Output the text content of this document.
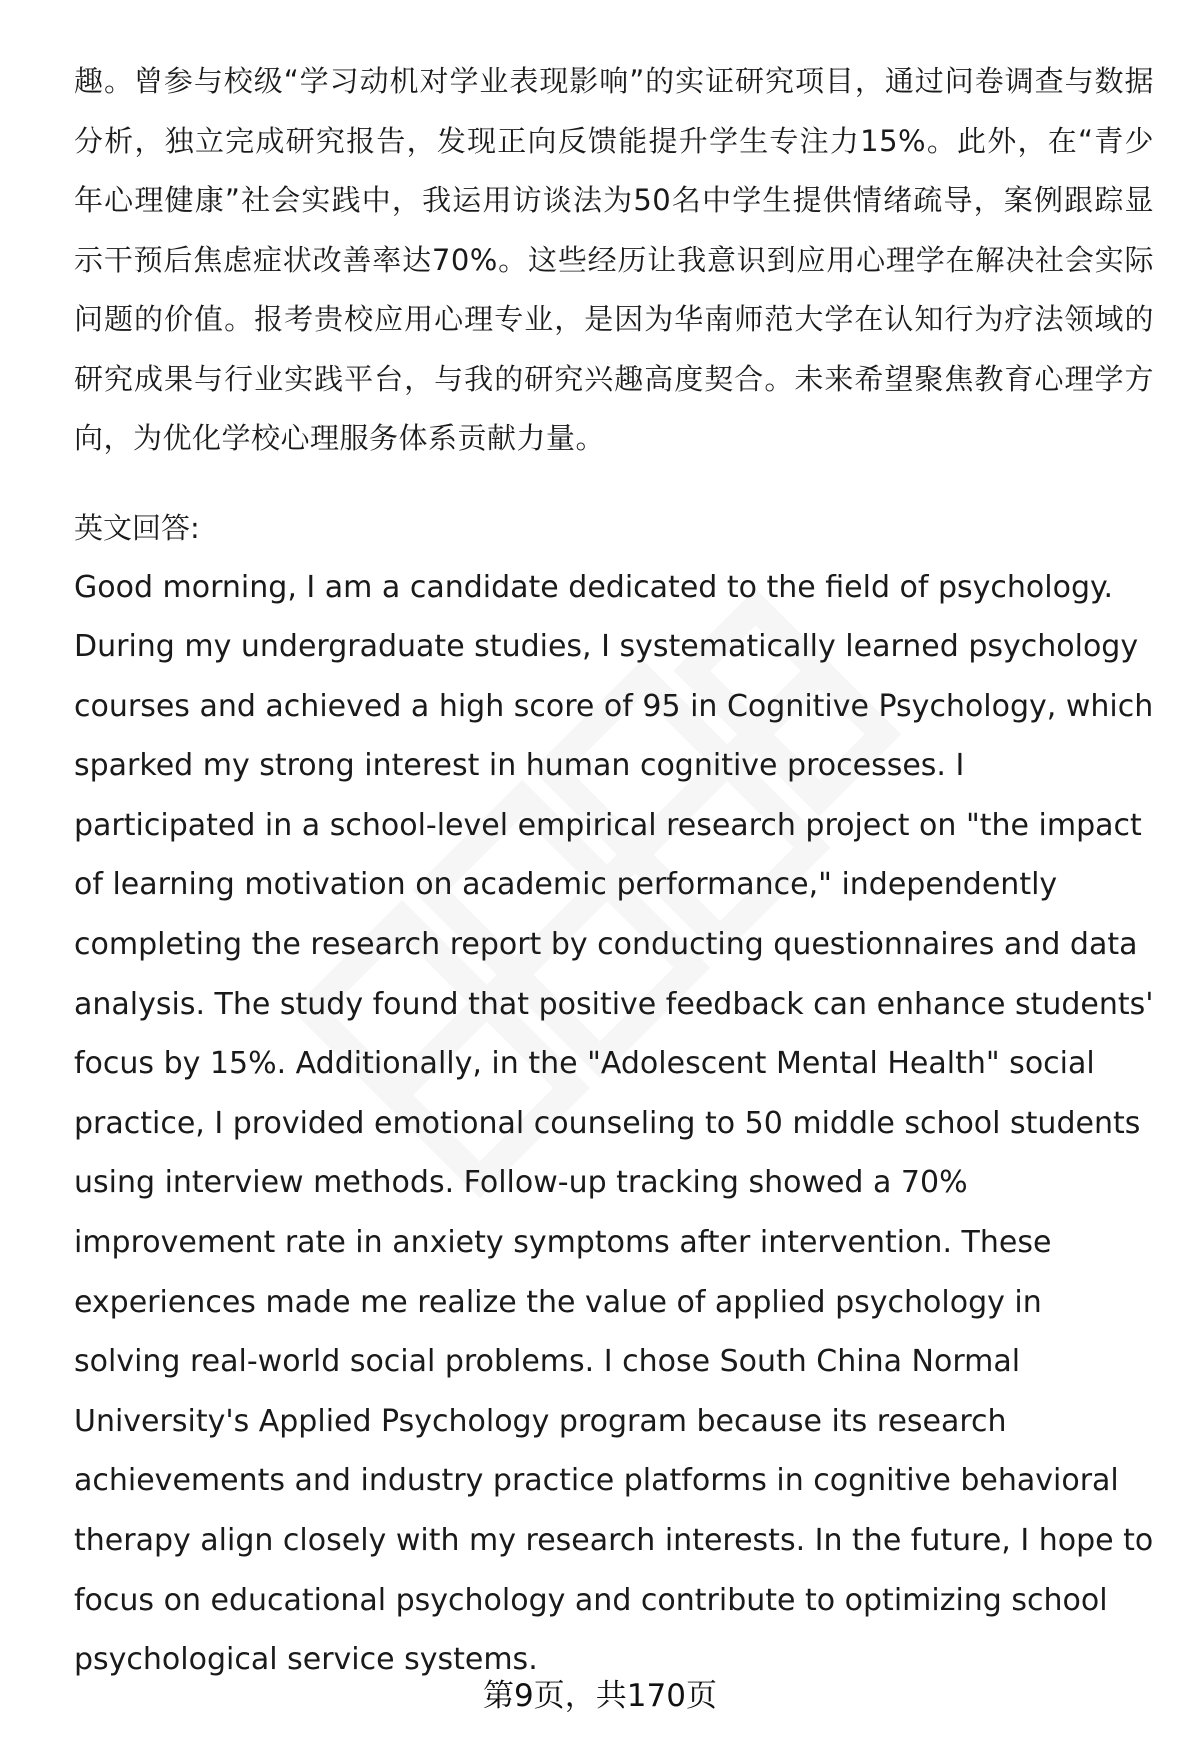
趣。曾参与校级“学习动机对学业表现影响”的实证研究项目，通过问卷调查与数据分析，独立完成研究报告，发现正向反馈能提升学生专注力15%。此外，在“青少年心理健康”社会实践中，我运用访谈法为50名中学生提供情绪疏导，案例跟踪显示干预后焦虑症状改善率达70%。这些经历让我意识到应用心理学在解决社会实际问题的价值。报考贵校应用心理专业，是因为华南师范大学在认知行为疗法领域的研究成果与行业实践平台，与我的研究兴趣高度契合。未来希望聚焦教育心理学方向，为优化学校心理服务体系贡献力量。

英文回答:

Good morning, I am a candidate dedicated to the field of psychology. During my undergraduate studies, I systematically learned psychology courses and achieved a high score of 95 in Cognitive Psychology, which sparked my strong interest in human cognitive processes. I participated in a school-level empirical research project on "the impact of learning motivation on academic performance," independently completing the research report by conducting questionnaires and data analysis. The study found that positive feedback can enhance students' focus by 15%. Additionally, in the "Adolescent Mental Health" social practice, I provided emotional counseling to 50 middle school students using interview methods. Follow-up tracking showed a 70% improvement rate in anxiety symptoms after intervention. These experiences made me realize the value of applied psychology in solving real-world social problems. I chose South China Normal University's Applied Psychology program because its research achievements and industry practice platforms in cognitive behavioral therapy align closely with my research interests. In the future, I hope to focus on educational psychology and contribute to optimizing school psychological service systems.

第9页，共170页
